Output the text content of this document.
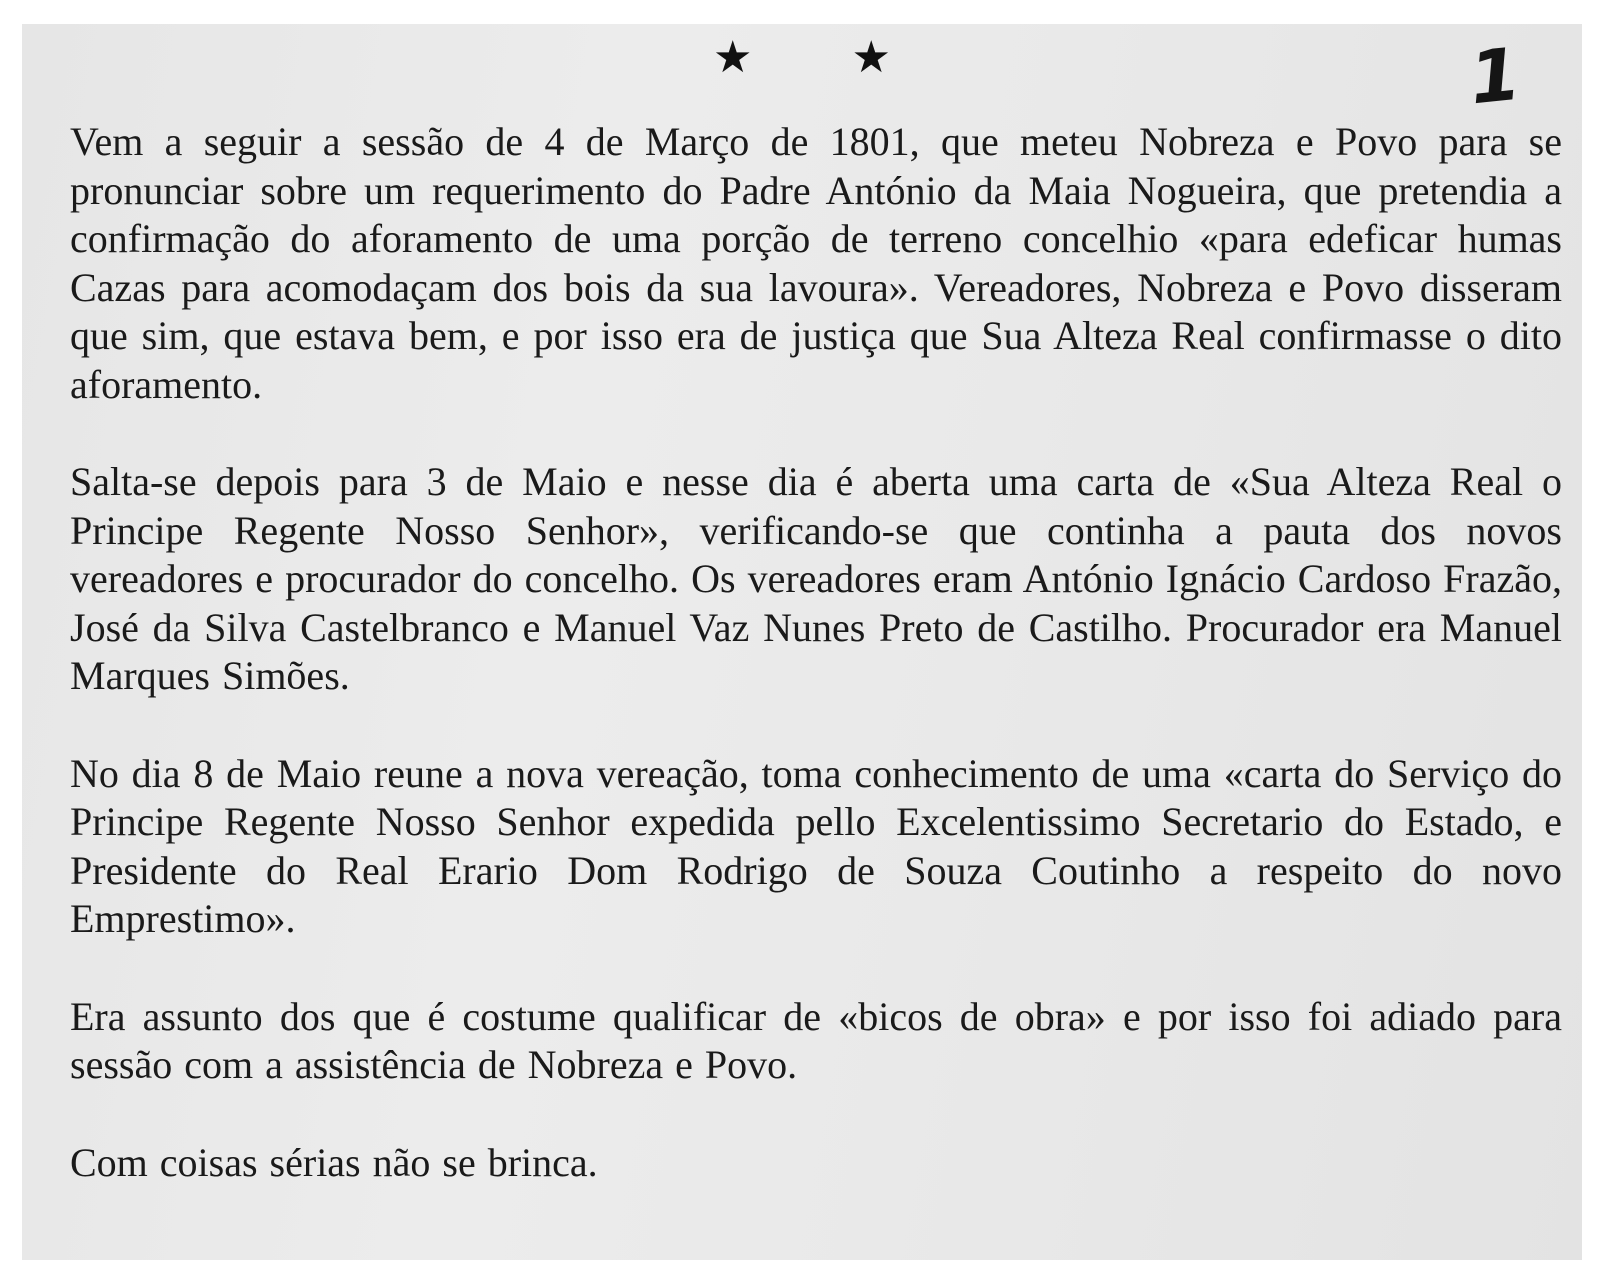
★ ★	1

Vem a seguir a sessão de 4 de Março de 1801, que meteu Nobreza e Povo para se pronunciar sobre um requerimento do Padre António da Maia Nogueira, que pretendia a confirmação do aforamento de uma porção de terreno concelhio «para edeficar humas Cazas para acomodaçam dos bois da sua lavoura». Vereadores, Nobreza e Povo disseram que sim, que estava bem, e por isso era de justiça que Sua Alteza Real confirmasse o dito aforamento.

Salta-se depois para 3 de Maio e nesse dia é aberta uma carta de «Sua Alteza Real o Principe Regente Nosso Senhor», verificando-se que continha a pauta dos novos vereadores e procurador do concelho. Os vereadores eram António Ignácio Cardoso Frazão, José da Silva Castelbranco e Manuel Vaz Nunes Preto de Castilho. Procurador era Manuel Marques Simões.

No dia 8 de Maio reune a nova vereação, toma conhecimento de uma «carta do Serviço do Principe Regente Nosso Senhor expedida pello Excelentissimo Secretario do Estado, e Presidente do Real Erario Dom Rodrigo de Souza Coutinho a respeito do novo Emprestimo».

Era assunto dos que é costume qualificar de «bicos de obra» e por isso foi adiado para sessão com a assistência de Nobreza e Povo.

Com coisas sérias não se brinca.
